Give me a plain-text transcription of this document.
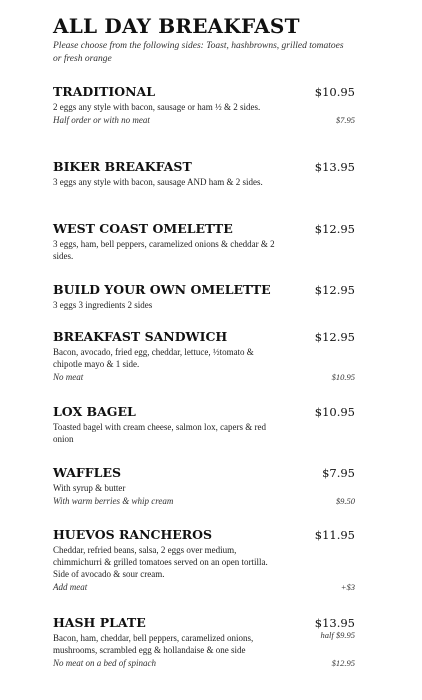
ALL DAY BREAKFAST
Please choose from the following sides: Toast, hashbrowns, grilled tomatoes or fresh orange
TRADITIONAL	$10.95
2 eggs any style with bacon, sausage or ham ½ & 2 sides.
Half order or with no meat	$7.95
BIKER BREAKFAST	$13.95
3 eggs any style with bacon, sausage AND ham & 2 sides.
WEST COAST OMELETTE	$12.95
3 eggs, ham, bell peppers, caramelized onions & cheddar & 2 sides.
BUILD YOUR OWN OMELETTE	$12.95
3 eggs 3 ingredients 2 sides
BREAKFAST SANDWICH	$12.95
Bacon, avocado, fried egg, cheddar, lettuce, ½tomato & chipotle mayo & 1 side.
No meat	$10.95
LOX BAGEL	$10.95
Toasted bagel with cream cheese, salmon lox, capers & red onion
WAFFLES	$7.95
With syrup & butter
With warm berries & whip cream	$9.50
HUEVOS RANCHEROS	$11.95
Cheddar, refried beans, salsa, 2 eggs over medium, chimmichurri & grilled tomatoes served on an open tortilla. Side of avocado & sour cream.
Add meat	+$3
HASH PLATE	$13.95
half $9.95
Bacon, ham, cheddar, bell peppers, caramelized onions, mushrooms, scrambled egg & hollandaise & one side
No meat on a bed of spinach	$12.95
